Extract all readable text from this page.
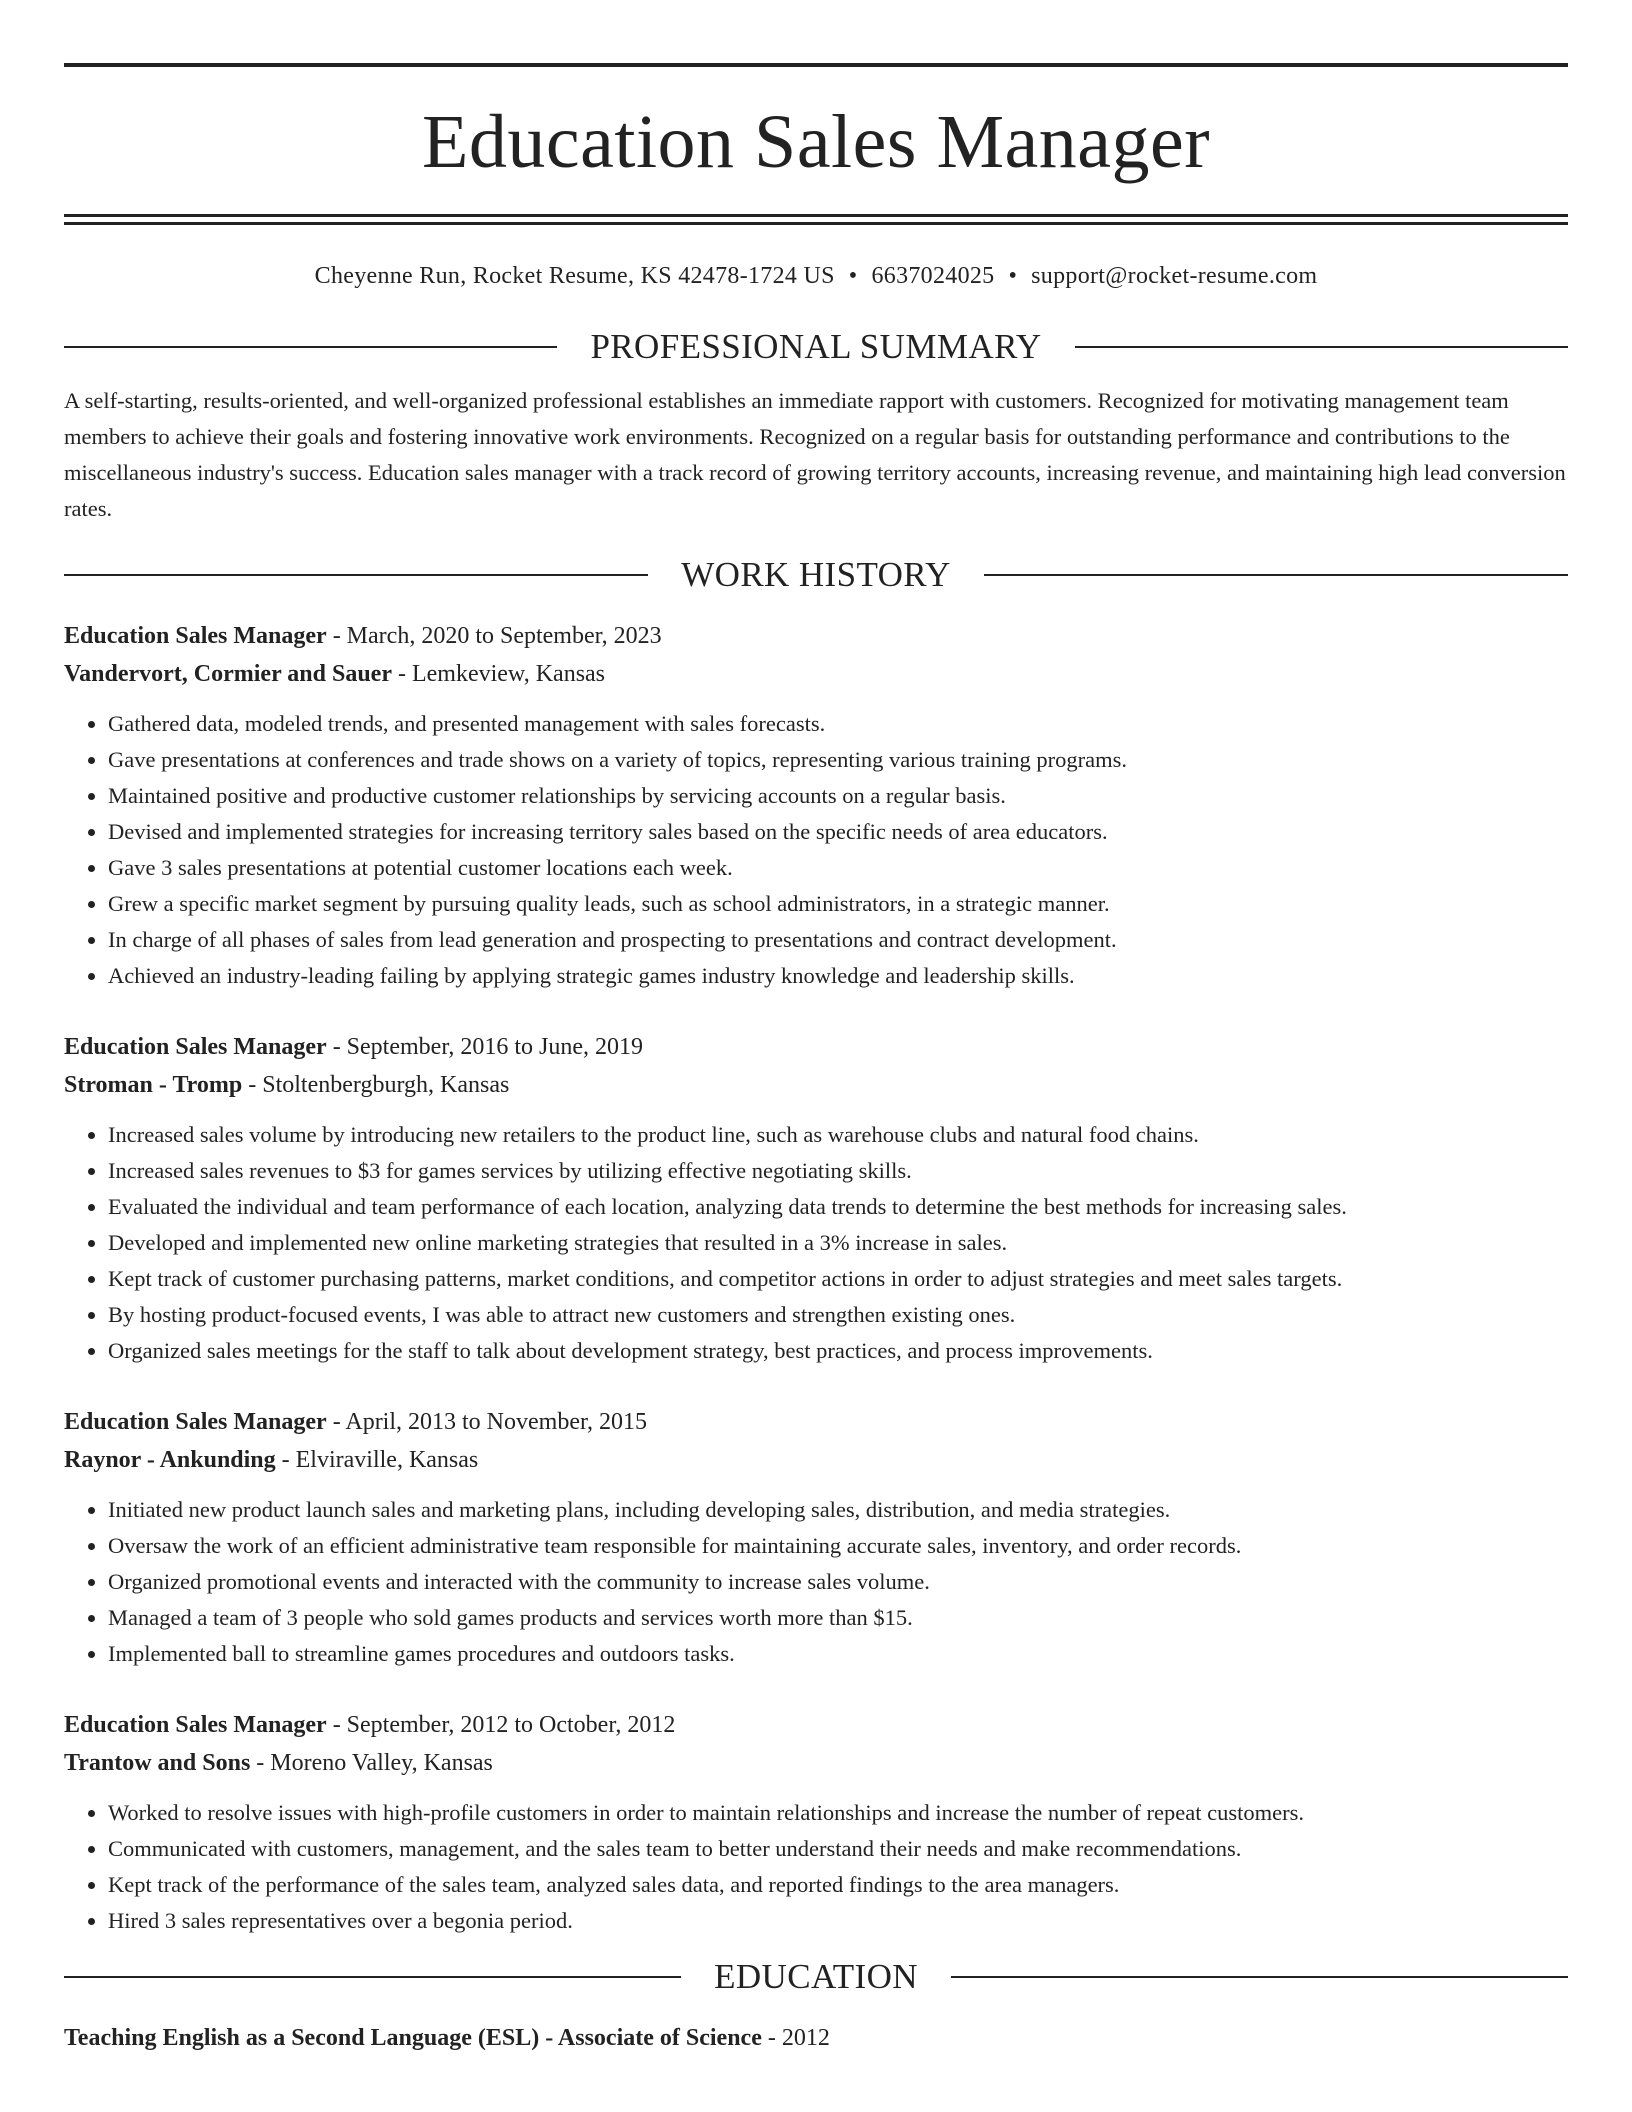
Education Sales Manager
Cheyenne Run, Rocket Resume, KS 42478-1724 US • 6637024025 • support@rocket-resume.com
PROFESSIONAL SUMMARY
A self-starting, results-oriented, and well-organized professional establishes an immediate rapport with customers. Recognized for motivating management team members to achieve their goals and fostering innovative work environments. Recognized on a regular basis for outstanding performance and contributions to the miscellaneous industry's success. Education sales manager with a track record of growing territory accounts, increasing revenue, and maintaining high lead conversion rates.
WORK HISTORY
Education Sales Manager - March, 2020 to September, 2023
Vandervort, Cormier and Sauer - Lemkeview, Kansas
• Gathered data, modeled trends, and presented management with sales forecasts.
• Gave presentations at conferences and trade shows on a variety of topics, representing various training programs.
• Maintained positive and productive customer relationships by servicing accounts on a regular basis.
• Devised and implemented strategies for increasing territory sales based on the specific needs of area educators.
• Gave 3 sales presentations at potential customer locations each week.
• Grew a specific market segment by pursuing quality leads, such as school administrators, in a strategic manner.
• In charge of all phases of sales from lead generation and prospecting to presentations and contract development.
• Achieved an industry-leading failing by applying strategic games industry knowledge and leadership skills.
Education Sales Manager - September, 2016 to June, 2019
Stroman - Tromp - Stoltenbergburgh, Kansas
• Increased sales volume by introducing new retailers to the product line, such as warehouse clubs and natural food chains.
• Increased sales revenues to $3 for games services by utilizing effective negotiating skills.
• Evaluated the individual and team performance of each location, analyzing data trends to determine the best methods for increasing sales.
• Developed and implemented new online marketing strategies that resulted in a 3% increase in sales.
• Kept track of customer purchasing patterns, market conditions, and competitor actions in order to adjust strategies and meet sales targets.
• By hosting product-focused events, I was able to attract new customers and strengthen existing ones.
• Organized sales meetings for the staff to talk about development strategy, best practices, and process improvements.
Education Sales Manager - April, 2013 to November, 2015
Raynor - Ankunding - Elviraville, Kansas
• Initiated new product launch sales and marketing plans, including developing sales, distribution, and media strategies.
• Oversaw the work of an efficient administrative team responsible for maintaining accurate sales, inventory, and order records.
• Organized promotional events and interacted with the community to increase sales volume.
• Managed a team of 3 people who sold games products and services worth more than $15.
• Implemented ball to streamline games procedures and outdoors tasks.
Education Sales Manager - September, 2012 to October, 2012
Trantow and Sons - Moreno Valley, Kansas
• Worked to resolve issues with high-profile customers in order to maintain relationships and increase the number of repeat customers.
• Communicated with customers, management, and the sales team to better understand their needs and make recommendations.
• Kept track of the performance of the sales team, analyzed sales data, and reported findings to the area managers.
• Hired 3 sales representatives over a begonia period.
EDUCATION
Teaching English as a Second Language (ESL) - Associate of Science - 2012
